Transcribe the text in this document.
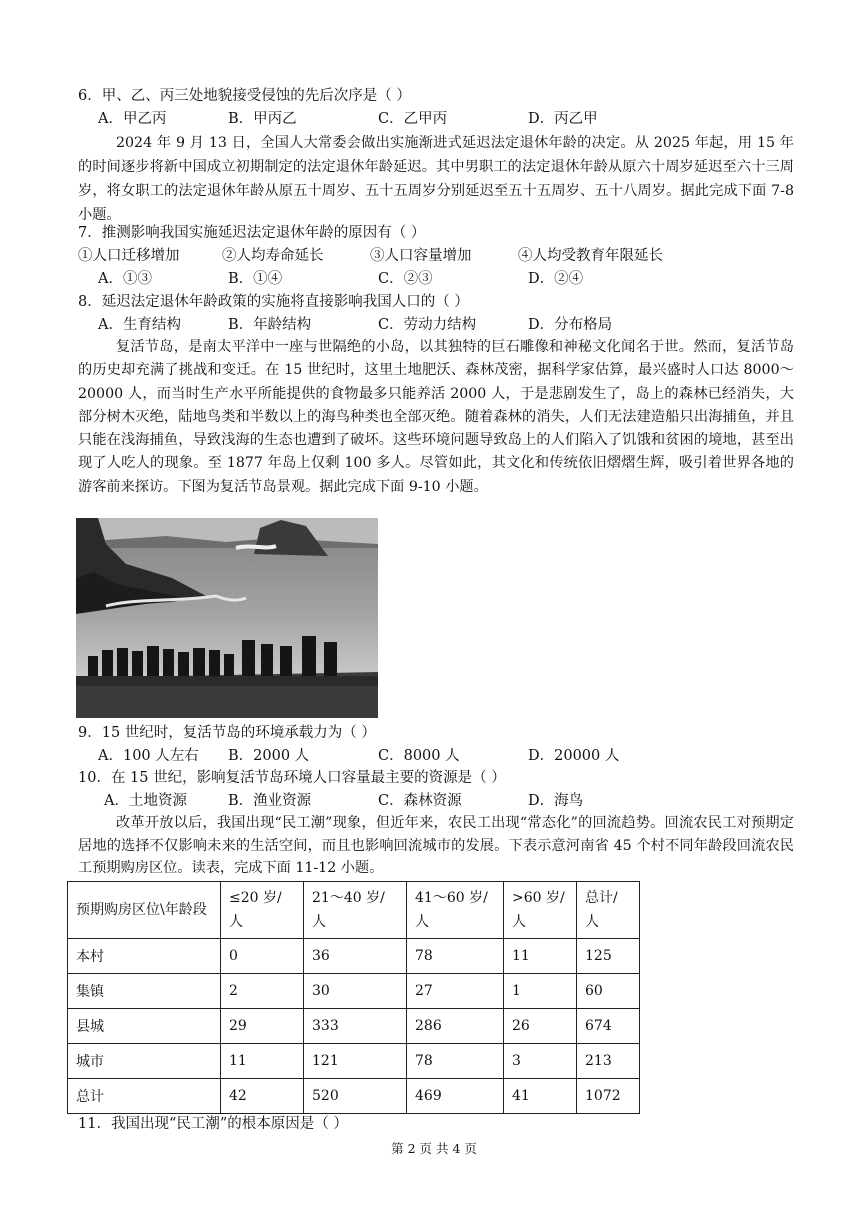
6．甲、乙、丙三处地貌接受侵蚀的先后次序是（ ）
A．甲乙丙	B．甲丙乙	C．乙甲丙	D．丙乙甲
2024 年 9 月 13 日，全国人大常委会做出实施渐进式延迟法定退休年龄的决定。从 2025 年起，用 15 年的时间逐步将新中国成立初期制定的法定退休年龄延迟。其中男职工的法定退休年龄从原六十周岁延迟至六十三周岁，将女职工的法定退休年龄从原五十周岁、五十五周岁分别延迟至五十五周岁、五十八周岁。据此完成下面 7-8 小题。
7．推测影响我国实施延迟法定退休年龄的原因有（ ）
①人口迁移增加	②人均寿命延长	③人口容量增加	④人均受教育年限延长
A．①③	B．①④	C．②③	D．②④
8．延迟法定退休年龄政策的实施将直接影响我国人口的（ ）
A．生育结构	B．年龄结构	C．劳动力结构	D．分布格局
复活节岛，是南太平洋中一座与世隔绝的小岛，以其独特的巨石雕像和神秘文化闻名于世。然而，复活节岛的历史却充满了挑战和变迁。在 15 世纪时，这里土地肥沃、森林茂密，据科学家估算，最兴盛时人口达 8000～20000 人，而当时生产水平所能提供的食物最多只能养活 2000 人，于是悲剧发生了，岛上的森林已经消失，大部分树木灭绝，陆地鸟类和半数以上的海鸟种类也全部灭绝。随着森林的消失，人们无法建造船只出海捕鱼，并且只能在浅海捕鱼，导致浅海的生态也遭到了破坏。这些环境问题导致岛上的人们陷入了饥饿和贫困的境地，甚至出现了人吃人的现象。至 1877 年岛上仅剩 100 多人。尽管如此，其文化和传统依旧熠熠生辉，吸引着世界各地的游客前来探访。下图为复活节岛景观。据此完成下面 9-10 小题。
9．15 世纪时，复活节岛的环境承载力为（ ）
A．100 人左右 B．2000 人	C．8000 人	D．20000 人
10．在 15 世纪，影响复活节岛环境人口容量最主要的资源是（ ）
A．土地资源	B．渔业资源	C．森林资源	D．海鸟
改革开放以后，我国出现“民工潮”现象，但近年来，农民工出现“常态化”的回流趋势。回流农民工对预期定居地的选择不仅影响未来的生活空间，而且也影响回流城市的发展。下表示意河南省 45 个村不同年龄段回流农民工预期购房区位。读表，完成下面 11-12 小题。
预期购房区位\年龄段	≤20 岁/人	21～40 岁/人	41～60 岁/人	>60 岁/人	总计/人
本村	0	36	78	11	125
集镇	2	30	27	1	60
县城	29	333	286	26	674
城市	11	121	78	3	213
总计	42	520	469	41	1072
11．我国出现“民工潮”的根本原因是（ ）
第 2 页 共 4 页
